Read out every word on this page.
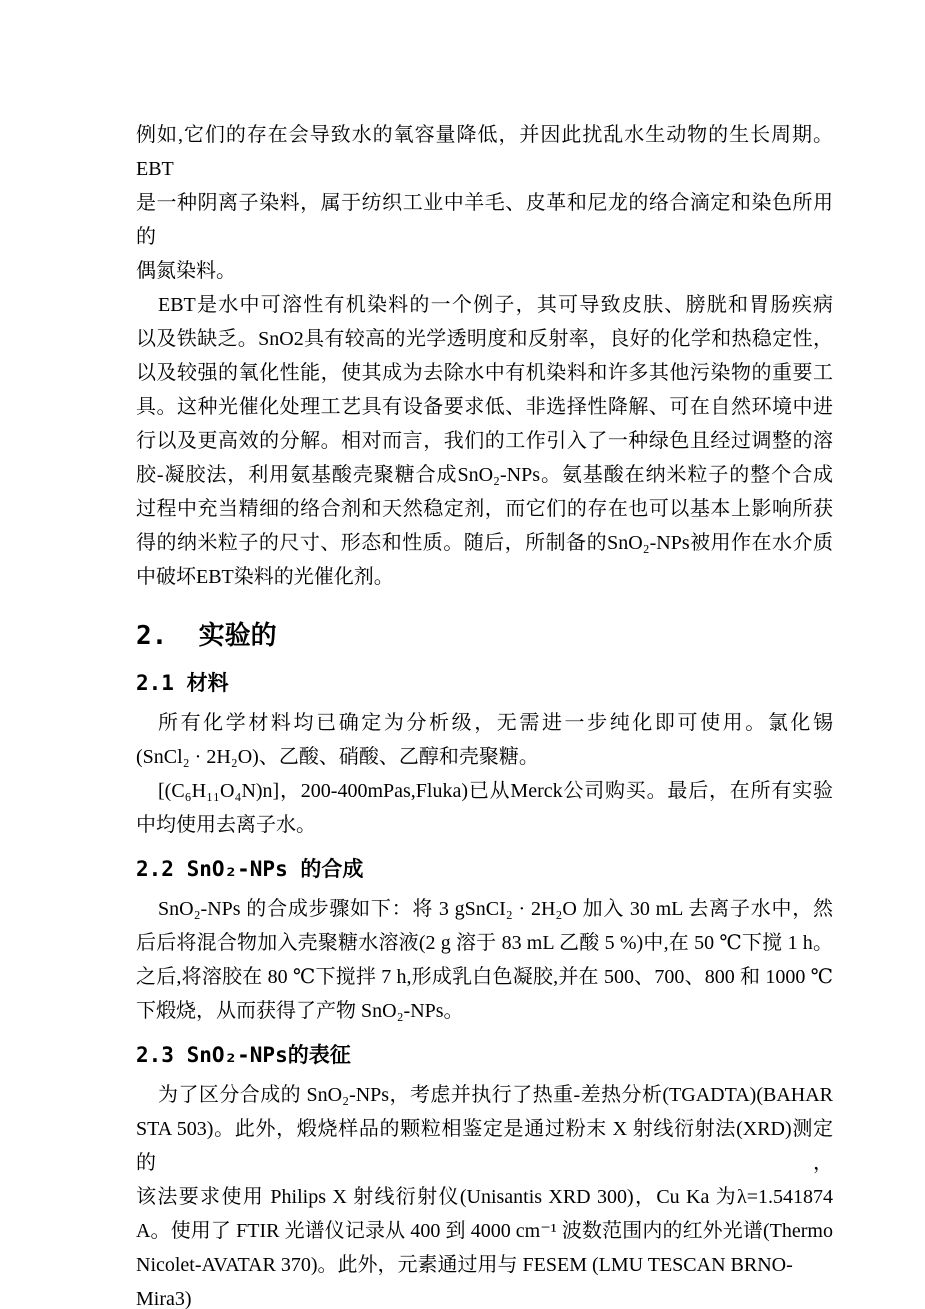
例如,它们的存在会导致水的氧容量降低，并因此扰乱水生动物的生长周期。EBT
是一种阴离子染料，属于纺织工业中羊毛、皮革和尼龙的络合滴定和染色所用的
偶氮染料。
EBT是水中可溶性有机染料的一个例子，其可导致皮肤、膀胱和胃肠疾病
以及铁缺乏。SnO2具有较高的光学透明度和反射率，良好的化学和热稳定性，
以及较强的氧化性能，使其成为去除水中有机染料和许多其他污染物的重要工
具。这种光催化处理工艺具有设备要求低、非选择性降解、可在自然环境中进
行以及更高效的分解。相对而言，我们的工作引入了一种绿色且经过调整的溶
胶-凝胶法，利用氨基酸壳聚糖合成SnO₂-NPs。氨基酸在纳米粒子的整个合成
过程中充当精细的络合剂和天然稳定剂，而它们的存在也可以基本上影响所获
得的纳米粒子的尺寸、形态和性质。随后，所制备的SnO₂-NPs被用作在水介质
中破坏EBT染料的光催化剂。
2.  实验的
2.1 材料
所有化学材料均已确定为分析级，无需进一步纯化即可使用。氯化锡
(SnCl₂ · 2H₂O)、乙酸、硝酸、乙醇和壳聚糖。
[(C₆H₁₁O₄N)n]，200-400mPas,Fluka)已从Merck公司购买。最后，在所有实验
中均使用去离子水。
2.2 SnO₂-NPs 的合成
SnO₂-NPs 的合成步骤如下：将 3 gSnCI₂ · 2H₂O 加入 30 mL 去离子水中，然
后后将混合物加入壳聚糖水溶液(2 g 溶于 83 mL 乙酸 5 %)中,在 50 ℃下搅 1 h。
之后,将溶胶在 80 ℃下搅拌 7 h,形成乳白色凝胶,并在 500、700、800 和 1000 ℃
下煅烧，从而获得了产物 SnO₂-NPs。
2.3 SnO₂-NPs的表征
为了区分合成的 SnO₂-NPs，考虑并执行了热重-差热分析(TGADTA)(BAHAR
STA 503)。此外，煅烧样品的颗粒相鉴定是通过粉末 X 射线衍射法(XRD)测定的，
该法要求使用 Philips X 射线衍射仪(Unisantis XRD 300)，Cu Ka 为λ=1.541874
A。使用了 FTIR 光谱仪记录从 400 到 4000 cm⁻¹ 波数范围内的红外光谱(Thermo
Nicolet-AVATAR 370)。此外，元素通过用与 FESEM (LMU TESCAN BRNO-Mira3)
